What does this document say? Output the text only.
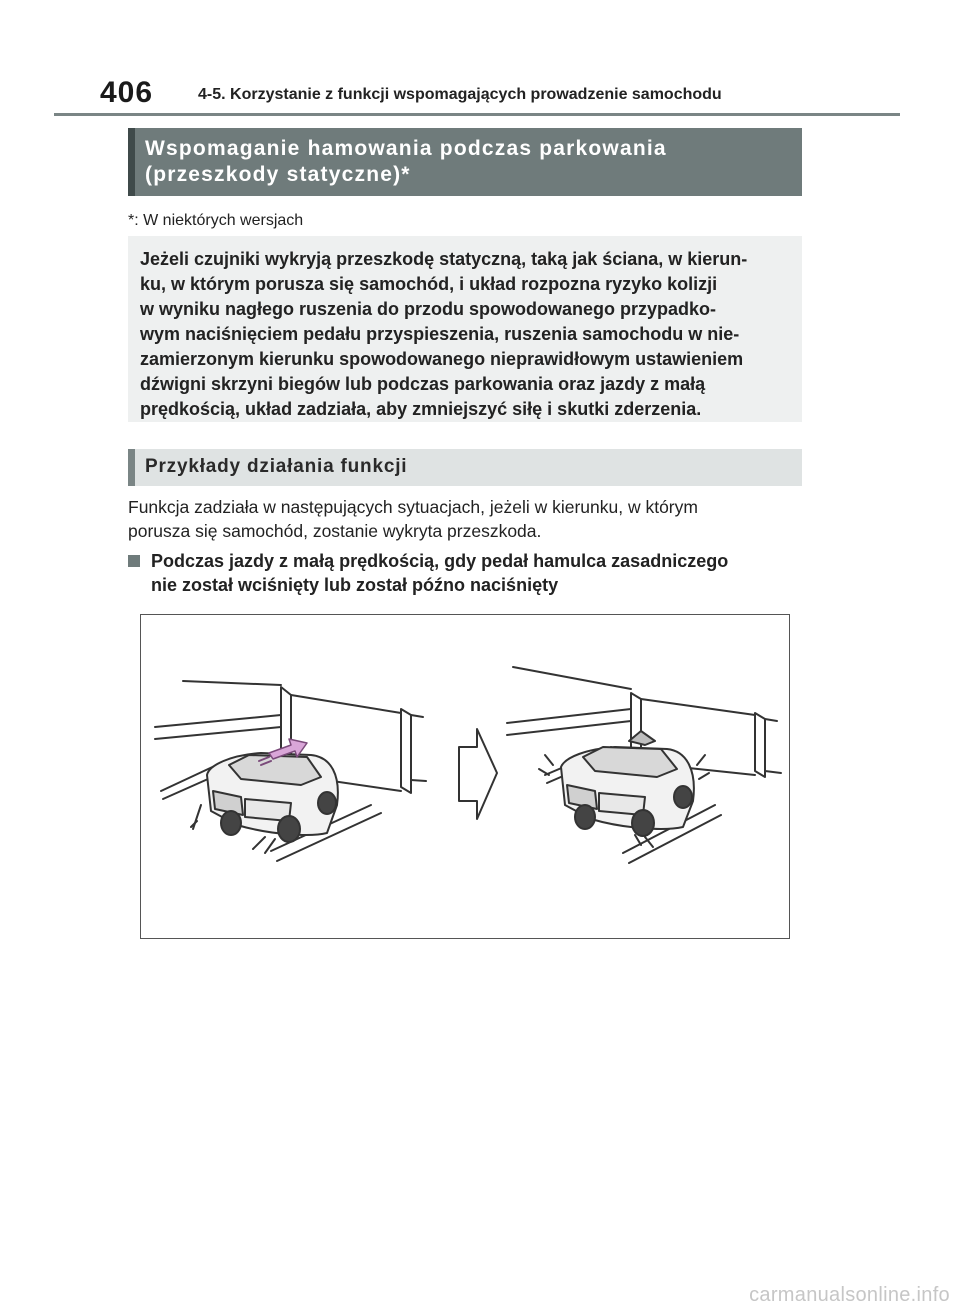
406	4-5. Korzystanie z funkcji wspomagających prowadzenie samochodu
Wspomaganie hamowania podczas parkowania (przeszkody statyczne)*
*: W niektórych wersjach
Jeżeli czujniki wykryją przeszkodę statyczną, taką jak ściana, w kierun-
ku, w którym porusza się samochód, i układ rozpozna ryzyko kolizji
w wyniku nagłego ruszenia do przodu spowodowanego przypadko-
wym naciśnięciem pedału przyspieszenia, ruszenia samochodu w nie-
zamierzonym kierunku spowodowanego nieprawidłowym ustawieniem
dźwigni skrzyni biegów lub podczas parkowania oraz jazdy z małą
prędkością, układ zadziała, aby zmniejszyć siłę i skutki zderzenia.
Przykłady działania funkcji
Funkcja zadziała w następujących sytuacjach, jeżeli w kierunku, w którym
porusza się samochód, zostanie wykryta przeszkoda.
Podczas jazdy z małą prędkością, gdy pedał hamulca zasadniczego
nie został wciśnięty lub został późno naciśnięty
carmanualsonline.info
